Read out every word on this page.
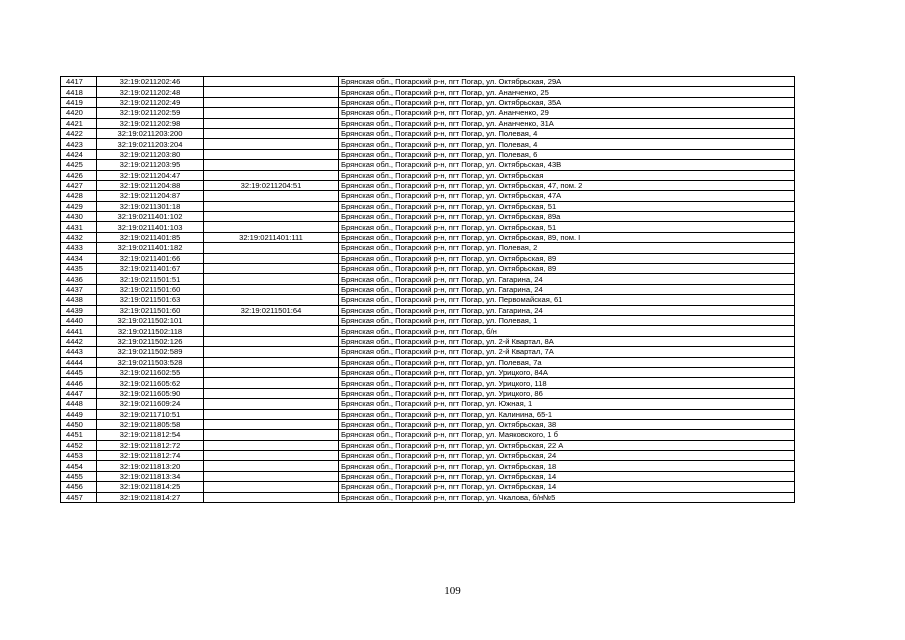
4417	32:19:0211202:46		Брянская обл., Погарский р-н, пгт Погар, ул. Октябрьская, 29А
4418	32:19:0211202:48		Брянская обл., Погарский р-н, пгт Погар, ул. Ананченко, 25
4419	32:19:0211202:49		Брянская обл., Погарский р-н, пгт Погар, ул. Октябрьская, 35А
4420	32:19:0211202:59		Брянская обл., Погарский р-н, пгт Погар, ул. Ананченко, 29
4421	32:19:0211202:98		Брянская обл., Погарский р-н, пгт Погар, ул. Ананченко, 31А
4422	32:19:0211203:200		Брянская обл., Погарский р-н, пгт Погар, ул. Полевая, 4
4423	32:19:0211203:204		Брянская обл., Погарский р-н, пгт Погар, ул. Полевая, 4
4424	32:19:0211203:80		Брянская обл., Погарский р-н, пгт Погар, ул. Полевая, 6
4425	32:19:0211203:95		Брянская обл., Погарский р-н, пгт Погар, ул. Октябрьская, 43В
4426	32:19:0211204:47		Брянская обл., Погарский р-н, пгт Погар, ул. Октябрьская
4427	32:19:0211204:88	32:19:0211204:51	Брянская обл., Погарский р-н, пгт Погар, ул. Октябрьская, 47, пом. 2
4428	32:19:0211204:87		Брянская обл., Погарский р-н, пгт Погар, ул. Октябрьская, 47А
4429	32:19:0211301:18		Брянская обл., Погарский р-н, пгт Погар, ул. Октябрьская, 51
4430	32:19:0211401:102		Брянская обл., Погарский р-н, пгт Погар, ул. Октябрьская, 89а
4431	32:19:0211401:103		Брянская обл., Погарский р-н, пгт Погар, ул. Октябрьская, 51
4432	32:19:0211401:85	32:19:0211401:111	Брянская обл., Погарский р-н, пгт Погар, ул. Октябрьская, 89, пом. I
4433	32:19:0211401:182		Брянская обл., Погарский р-н, пгт Погар, ул. Полевая, 2
4434	32:19:0211401:66		Брянская обл., Погарский р-н, пгт Погар, ул. Октябрьская, 89
4435	32:19:0211401:67		Брянская обл., Погарский р-н, пгт Погар, ул. Октябрьская, 89
4436	32:19:0211501:51		Брянская обл., Погарский р-н, пгт Погар, ул. Гагарина, 24
4437	32:19:0211501:60		Брянская обл., Погарский р-н, пгт Погар, ул. Гагарина, 24
4438	32:19:0211501:63		Брянская обл., Погарский р-н, пгт Погар, ул. Первомайская, 61
4439	32:19:0211501:60	32:19:0211501:64	Брянская обл., Погарский р-н, пгт Погар, ул. Гагарина, 24
4440	32:19:0211502:101		Брянская обл., Погарский р-н, пгт Погар, ул. Полевая, 1
4441	32:19:0211502:118		Брянская обл., Погарский р-н, пгт Погар, б/н
4442	32:19:0211502:126		Брянская обл., Погарский р-н, пгт Погар, ул. 2-й Квартал, 8А
4443	32:19:0211502:589		Брянская обл., Погарский р-н, пгт Погар, ул. 2-й Квартал, 7А
4444	32:19:0211503:528		Брянская обл., Погарский р-н, пгт Погар, ул. Полевая, 7а
4445	32:19:0211602:55		Брянская обл., Погарский р-н, пгт Погар, ул. Урицкого, 84А
4446	32:19:0211605:62		Брянская обл., Погарский р-н, пгт Погар, ул. Урицкого, 118
4447	32:19:0211605:90		Брянская обл., Погарский р-н, пгт Погар, ул. Урицкого, 86
4448	32:19:0211609:24		Брянская обл., Погарский р-н, пгт Погар, ул. Южная, 1
4449	32:19:0211710:51		Брянская обл., Погарский р-н, пгт Погар, ул. Калинина, 65-1
4450	32:19:0211805:58		Брянская обл., Погарский р-н, пгт Погар, ул. Октябрьская, 38
4451	32:19:0211812:54		Брянская обл., Погарский р-н, пгт Погар, ул. Маяковского, 1 б
4452	32:19:0211812:72		Брянская обл., Погарский р-н, пгт Погар, ул. Октябрьская, 22 А
4453	32:19:0211812:74		Брянская обл., Погарский р-н, пгт Погар, ул. Октябрьская, 24
4454	32:19:0211813:20		Брянская обл., Погарский р-н, пгт Погар, ул. Октябрьская, 18
4455	32:19:0211813:34		Брянская обл., Погарский р-н, пгт Погар, ул. Октябрьская, 14
4456	32:19:0211814:25		Брянская обл., Погарский р-н, пгт Погар, ул. Октябрьская, 14
4457	32:19:0211814:27		Брянская обл., Погарский р-н, пгт Погар, ул. Чкалова, б/н№5
109
